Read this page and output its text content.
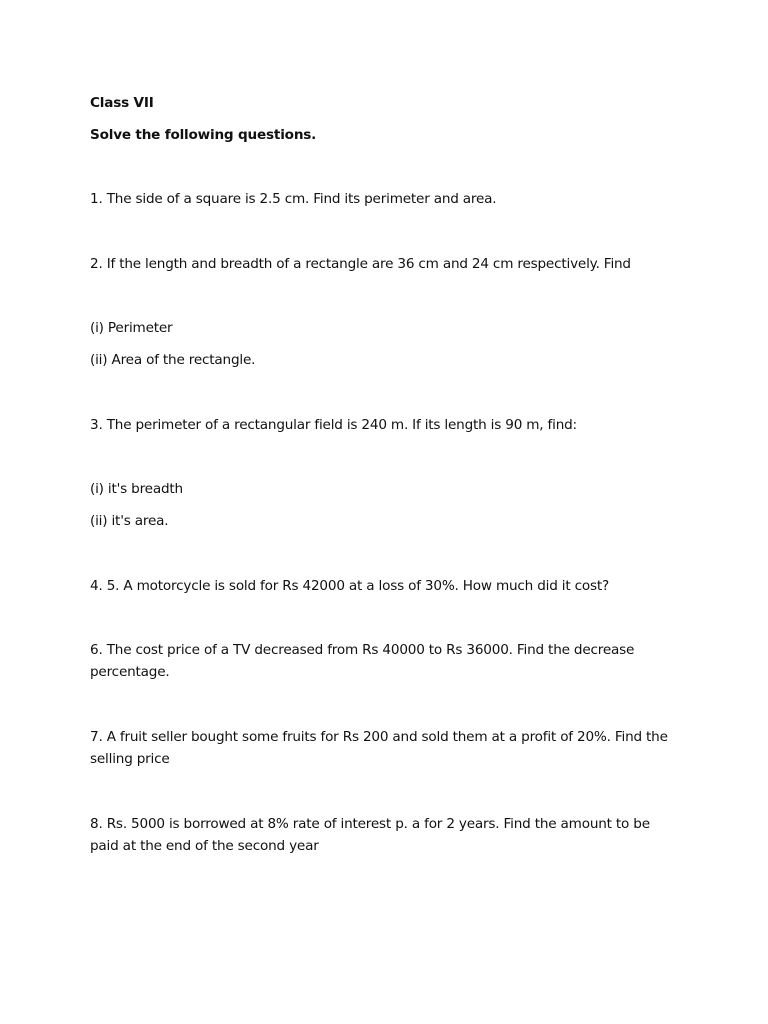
Class VII
Solve the following questions.
1. The side of a square is 2.5 cm. Find its perimeter and area.
2. If the length and breadth of a rectangle are 36 cm and 24 cm respectively. Find
(i) Perimeter
(ii) Area of the rectangle.
3. The perimeter of a rectangular field is 240 m. If its length is 90 m, find:
(i) it's breadth
(ii) it's area.
4. 5. A motorcycle is sold for Rs 42000 at a loss of 30%. How much did it cost?
6. The cost price of a TV decreased from Rs 40000 to Rs 36000. Find the decrease percentage.
7. A fruit seller bought some fruits for Rs 200 and sold them at a profit of 20%. Find the selling price
8. Rs. 5000 is borrowed at 8% rate of interest p. a for 2 years. Find the amount to be paid at the end of the second year
